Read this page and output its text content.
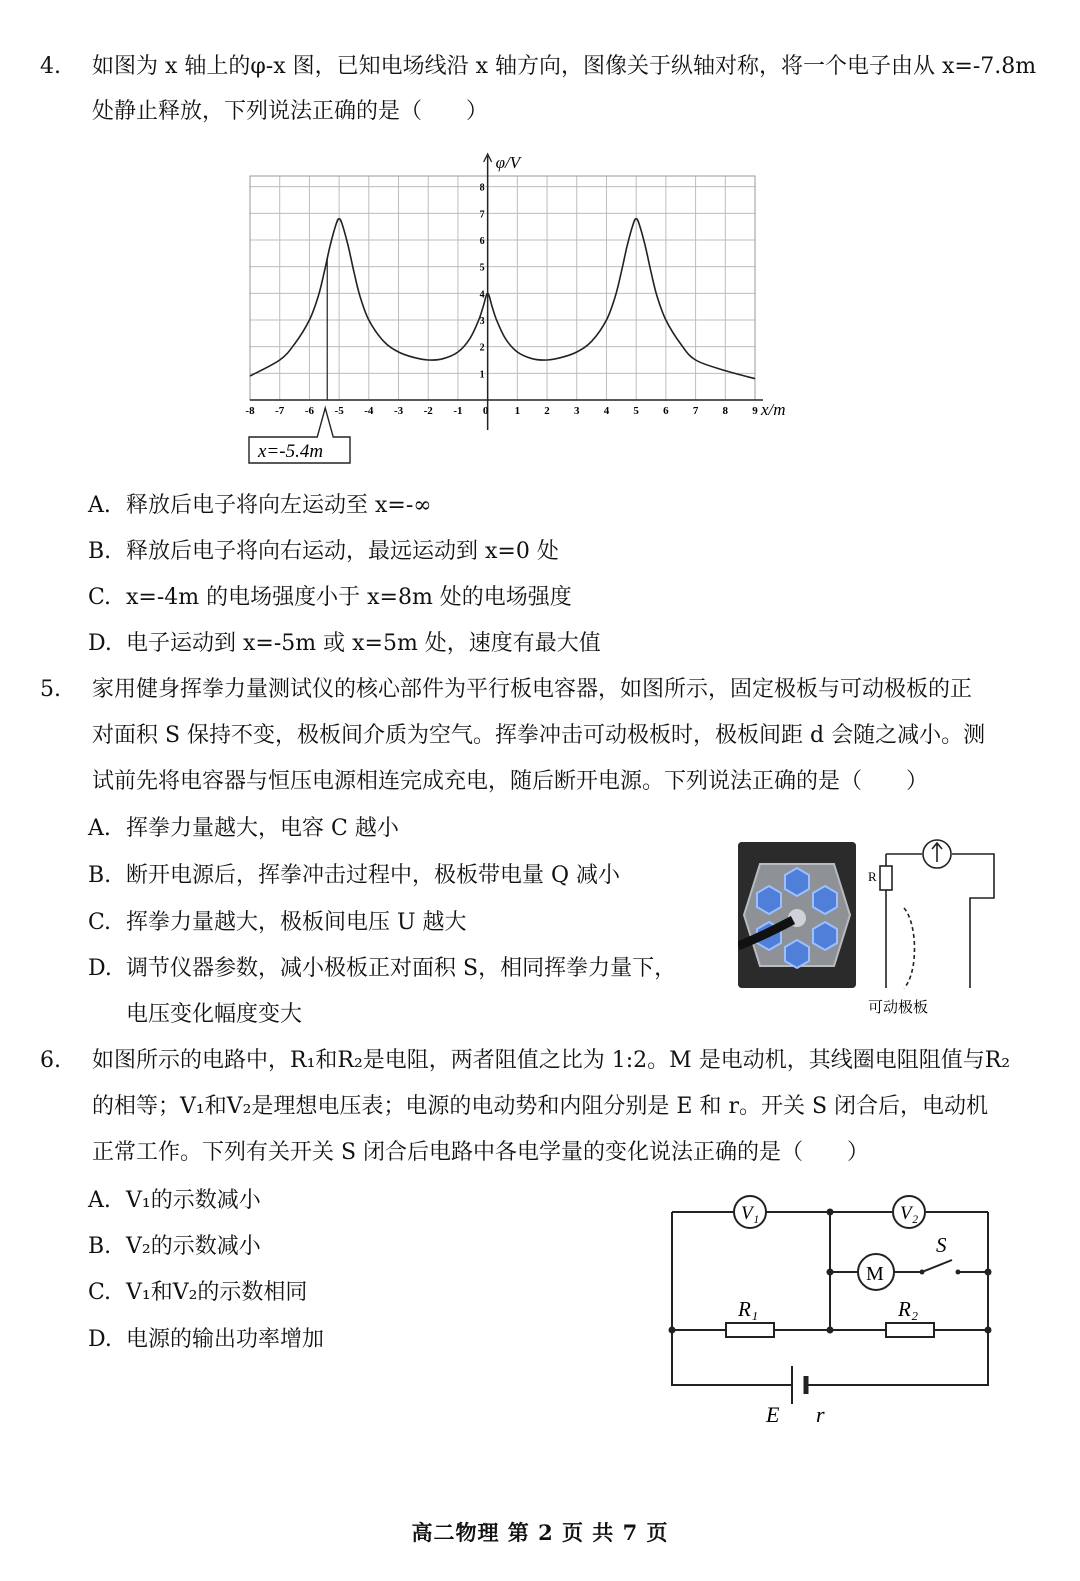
4. 如图为 x 轴上的φ-x 图，已知电场线沿 x 轴方向，图像关于纵轴对称，将一个电子由从 x=-7.8m
处静止释放，下列说法正确的是（　　）
-8 -7 -6 -5 -4 -3 -2 -1 0 1 2 3 4 5 6 7 8 9
1
2
3
4
5
6
7
8
φ/V
x/m
x=-5.4m
A. 释放后电子将向左运动至 x=-∞
B. 释放后电子将向右运动，最远运动到 x=0 处
C. x=-4m 的电场强度小于 x=8m 处的电场强度
D. 电子运动到 x=-5m 或 x=5m 处，速度有最大值
5. 家用健身挥拳力量测试仪的核心部件为平行板电容器，如图所示，固定极板与可动极板的正
对面积 S 保持不变，极板间介质为空气。挥拳冲击可动极板时，极板间距 d 会随之减小。测
试前先将电容器与恒压电源相连完成充电，随后断开电源。下列说法正确的是（　　）
A. 挥拳力量越大，电容 C 越小
B. 断开电源后，挥拳冲击过程中，极板带电量 Q 减小
C. 挥拳力量越大，极板间电压 U 越大
D. 调节仪器参数，减小极板正对面积 S，相同挥拳力量下，
电压变化幅度变大
R
可动极板
6. 如图所示的电路中，R₁和R₂是电阻，两者阻值之比为 1:2。M 是电动机，其线圈电阻阻值与R₂
的相等；V₁和V₂是理想电压表；电源的电动势和内阻分别是 E 和 r。开关 S 闭合后，电动机
正常工作。下列有关开关 S 闭合后电路中各电学量的变化说法正确的是（　　）
A. V₁的示数减小
B. V₂的示数减小
C. V₁和V₂的示数相同
D. 电源的输出功率增加
V₁	V₂
M
S
R₁	R₂
E r
高二物理 第 2 页 共 7 页
